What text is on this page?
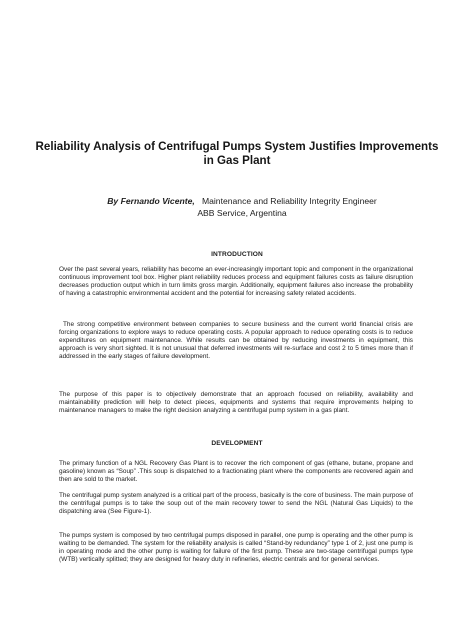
Reliability Analysis of Centrifugal Pumps System Justifies Improvements in Gas Plant
By Fernando Vicente, Maintenance and Reliability Integrity Engineer
ABB Service, Argentina
INTRODUCTION

Over the past several years, reliability has become an ever-increasingly important topic and component in the organizational continuous improvement tool box. Higher plant reliability reduces process and equipment failures costs as failure disruption decreases production output which in turn limits gross margin. Additionally, equipment failures also increase the probability of having a catastrophic environmental accident and the potential for increasing safety related accidents.

The strong competitive environment between companies to secure business and the current world financial crisis are forcing organizations to explore ways to reduce operating costs. A popular approach to reduce operating costs is to reduce expenditures on equipment maintenance. While results can be obtained by reducing investments in equipment, this approach is very short sighted. It is not unusual that deferred investments will re-surface and cost 2 to 5 times more than if addressed in the early stages of failure development.

The purpose of this paper is to objectively demonstrate that an approach focused on reliability, availability and maintainability prediction will help to detect pieces, equipments and systems that require improvements helping to maintenance managers to make the right decision analyzing a centrifugal pump system in a gas plant.

DEVELOPMENT

The primary function of a NGL Recovery Gas Plant is to recover the rich component of gas (ethane, butane, propane and gasoline) known as “Soup” .This soup is dispatched to a fractionating plant where the components are recovered again and then are sold to the market.

The centrifugal pump system analyzed is a critical part of the process, basically is the core of business. The main purpose of the centrifugal pumps is to take the soup out of the main recovery tower to send the NGL (Natural Gas Liquids) to the dispatching area (See Figure-1).

The pumps system is composed by two centrifugal pumps disposed in parallel, one pump is operating and the other pump is waiting to be demanded. The system for the reliability analysis is called “Stand-by redundancy” type 1 of 2, just one pump is in operating mode and the other pump is waiting for failure of the first pump. These are two-stage centrifugal pumps type (WTB) vertically splitted; they are designed for heavy duty in refineries, electric centrals and for general services.
